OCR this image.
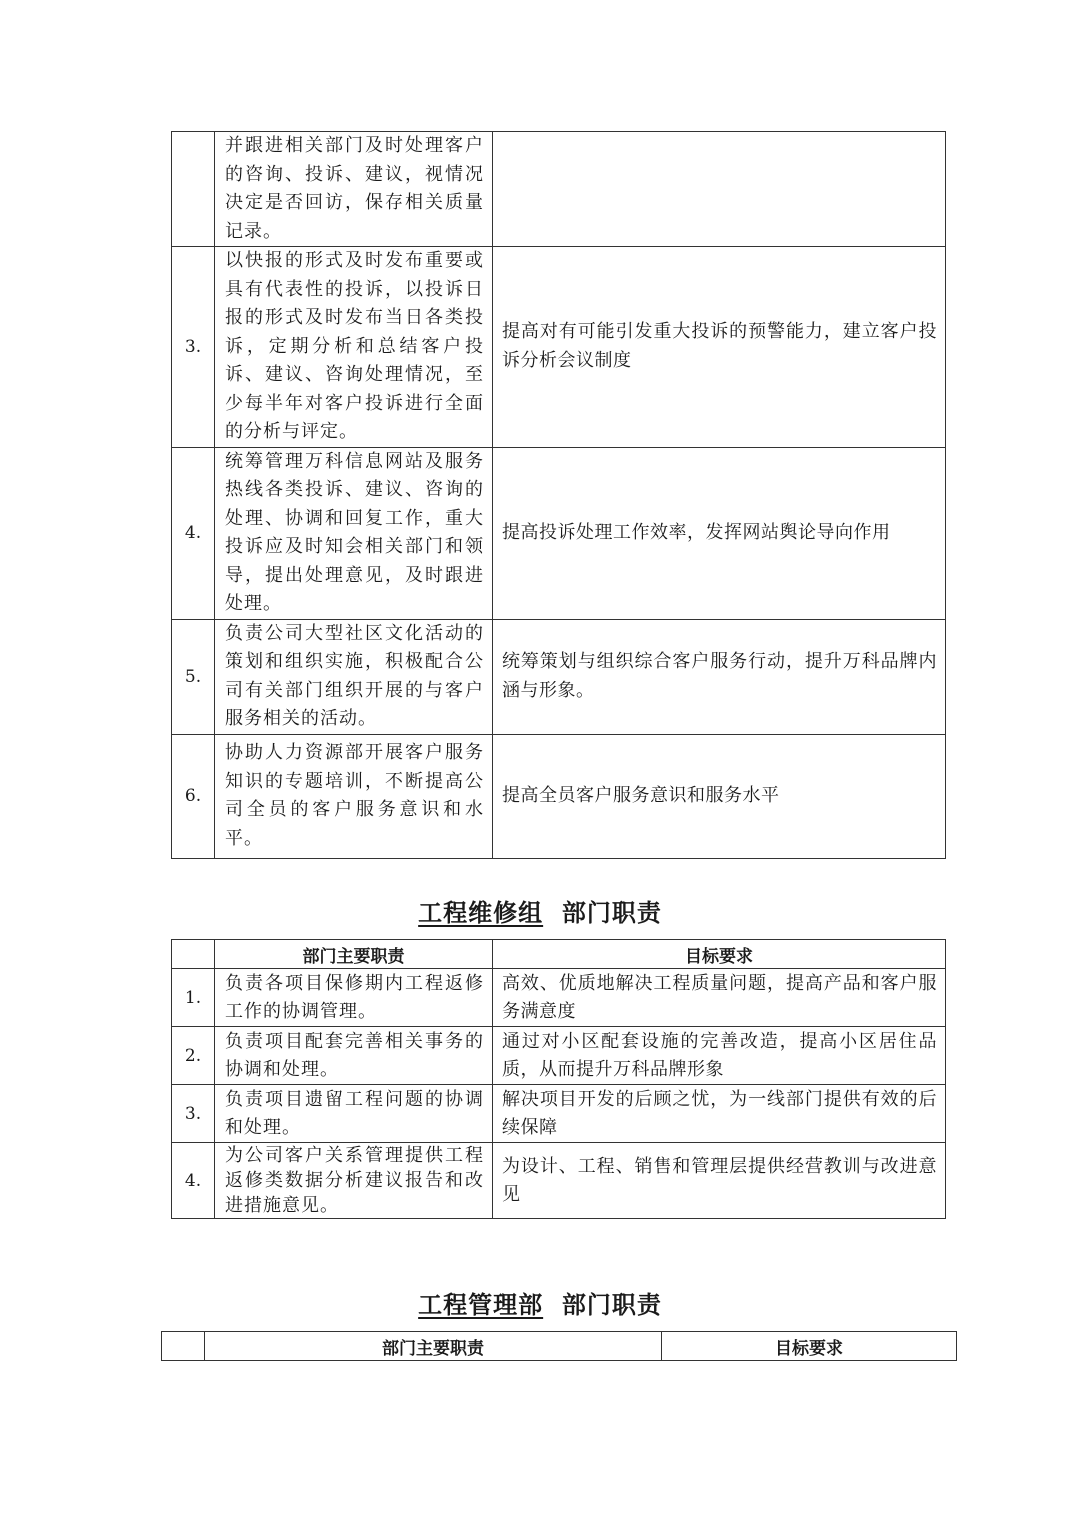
	并跟进相关部门及时处理客户的咨询、投诉、建议，视情况决定是否回访，保存相关质量记录。	
3.	以快报的形式及时发布重要或具有代表性的投诉，以投诉日报的形式及时发布当日各类投诉，定期分析和总结客户投诉、建议、咨询处理情况，至少每半年对客户投诉进行全面的分析与评定。	提高对有可能引发重大投诉的预警能力，建立客户投诉分析会议制度
4.	统筹管理万科信息网站及服务热线各类投诉、建议、咨询的处理、协调和回复工作，重大投诉应及时知会相关部门和领导，提出处理意见，及时跟进处理。	提高投诉处理工作效率，发挥网站舆论导向作用
5.	负责公司大型社区文化活动的策划和组织实施，积极配合公司有关部门组织开展的与客户服务相关的活动。	统筹策划与组织综合客户服务行动，提升万科品牌内涵与形象。
6.	协助人力资源部开展客户服务知识的专题培训，不断提高公司全员的客户服务意识和水平。	提高全员客户服务意识和服务水平
工程维修组 部门职责
	部门主要职责	目标要求
1.	负责各项目保修期内工程返修工作的协调管理。	高效、优质地解决工程质量问题，提高产品和客户服务满意度
2.	负责项目配套完善相关事务的协调和处理。	通过对小区配套设施的完善改造，提高小区居住品质，从而提升万科品牌形象
3.	负责项目遗留工程问题的协调和处理。	解决项目开发的后顾之忧，为一线部门提供有效的后续保障
4.	为公司客户关系管理提供工程返修类数据分析建议报告和改进措施意见。	为设计、工程、销售和管理层提供经营教训与改进意见
工程管理部 部门职责
	部门主要职责	目标要求
